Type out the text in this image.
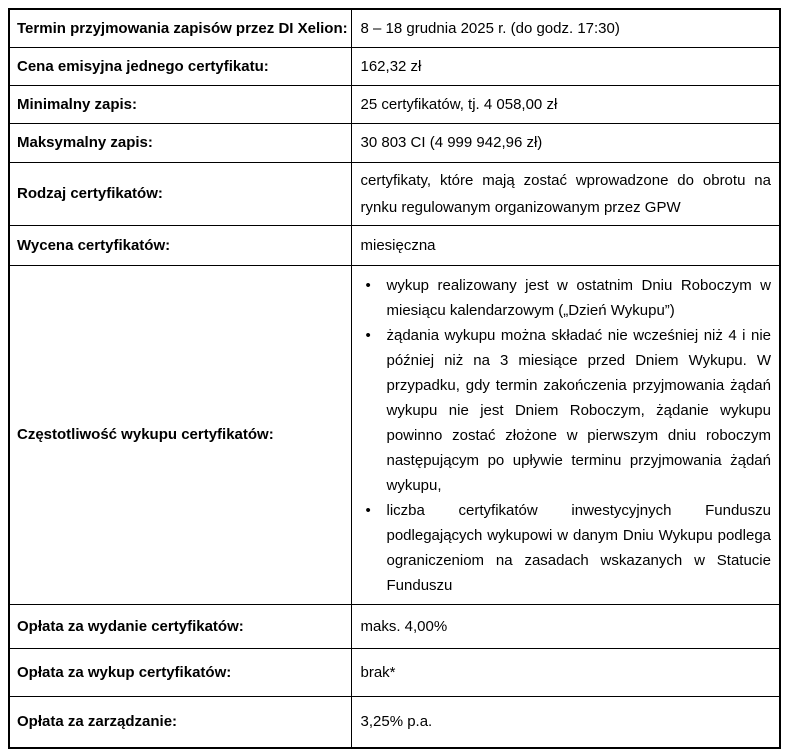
Termin przyjmowania zapisów przez DI Xelion:	8 – 18 grudnia 2025 r. (do godz. 17:30)
Cena emisyjna jednego certyfikatu:	162,32 zł
Minimalny zapis:	25 certyfikatów, tj. 4 058,00 zł
Maksymalny zapis:	30 803 CI (4 999 942,96 zł)
Rodzaj certyfikatów:	certyfikaty, które mają zostać wprowadzone do obrotu na rynku regulowanym organizowanym przez GPW
Wycena certyfikatów:	miesięczna
Częstotliwość wykupu certyfikatów:	
•	wykup realizowany jest w ostatnim Dniu Roboczym w miesiącu kalendarzowym („Dzień Wykupu”)
•	żądania wykupu można składać nie wcześniej niż 4 i nie później niż na 3 miesiące przed Dniem Wykupu. W przypadku, gdy termin zakończenia przyjmowania żądań wykupu nie jest Dniem Roboczym, żądanie wykupu powinno zostać złożone w pierwszym dniu roboczym następującym po upływie terminu przyjmowania żądań wykupu,
•	liczba certyfikatów inwestycyjnych Funduszu podlegających wykupowi w danym Dniu Wykupu podlega ograniczeniom na zasadach wskazanych w Statucie Funduszu

Opłata za wydanie certyfikatów:	maks. 4,00%
Opłata za wykup certyfikatów:	brak*
Opłata za zarządzanie:	3,25% p.a.
